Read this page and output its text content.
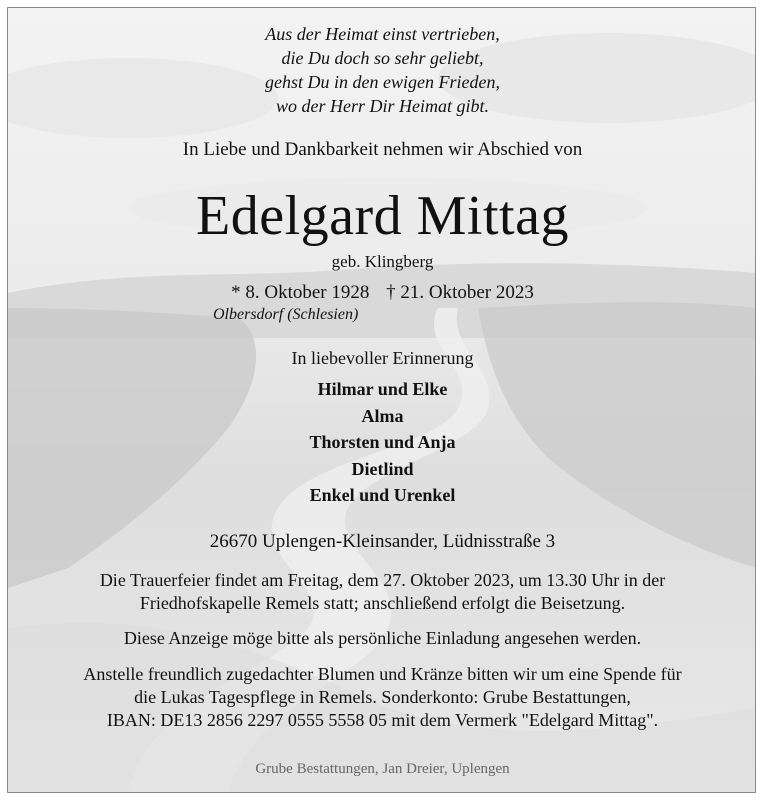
Aus der Heimat einst vertrieben,
die Du doch so sehr geliebt,
gehst Du in den ewigen Frieden,
wo der Herr Dir Heimat gibt.
In Liebe und Dankbarkeit nehmen wir Abschied von
Edelgard Mittag
geb. Klingberg
* 8. Oktober 1928 † 21. Oktober 2023
Olbersdorf (Schlesien)
In liebevoller Erinnerung
Hilmar und Elke
Alma
Thorsten und Anja
Dietlind
Enkel und Urenkel
26670 Uplengen-Kleinsander, Lüdnisstraße 3
Die Trauerfeier findet am Freitag, dem 27. Oktober 2023, um 13.30 Uhr in der
Friedhofskapelle Remels statt; anschließend erfolgt die Beisetzung.
Diese Anzeige möge bitte als persönliche Einladung angesehen werden.
Anstelle freundlich zugedachter Blumen und Kränze bitten wir um eine Spende für
die Lukas Tagespflege in Remels. Sonderkonto: Grube Bestattungen,
IBAN: DE13 2856 2297 0555 5558 05 mit dem Vermerk "Edelgard Mittag".
Grube Bestattungen, Jan Dreier, Uplengen
